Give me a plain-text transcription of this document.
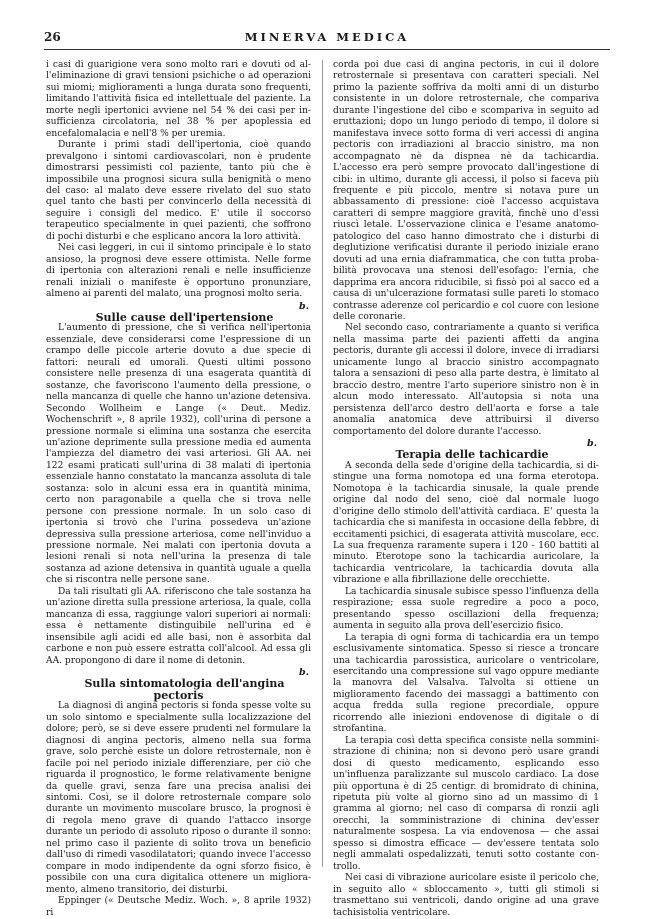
26	MINERVA MEDICA

i casi di guarigione vera sono molto rari e dovuti od all'eliminazione di gravi tensioni psichiche o ad operazioni sui miomi; miglioramenti a lunga durata sono frequenti, limitando l'attività fisica ed intellettuale del paziente. La morte negli ipertonici avviene nel 54 % dei casi per insufficienza circolatoria, nel 38 % per apoplessia ed encefalomalacia e nell'8 % per uremia.

Durante i primi stadi dell'ipertonia, cioè quando prevalgono i sintomi cardiovascolari, non è prudente dimostrarsi pessimisti col paziente, tanto più che è impossibile una prognosi sicura sulla benignità o meno del caso: al malato deve essere rivelato del suo stato quel tanto che basti per convincerlo della necessità di seguire i consigli del medico. E' utile il soccorso terapeutico specialmente in quei pazienti, che soffrono di pochi disturbi e che esplicano ancora la loro attività.

Nei casi leggeri, in cui il sintomo principale è lo stato ansioso, la prognosi deve essere ottimista. Nelle forme di ipertonia con alterazioni renali e nelle insufficienze renali iniziali o manifeste è opportuno pronunziare, almeno ai parenti del malato, una prognosi molto seria.

b.

Sulle cause dell'ipertensione

L'aumento di pressione, che si verifica nell'ipertonia essenziale, deve considerarsi come l'espressione di un crampo delle piccole arterie dovuto a due specie di fattori: neurali ed umorali. Questi ultimi possono consistere nelle presenza di una esagerata quantità di sostanze, che favoriscono l'aumento della pressione, o nella mancanza di quelle che hanno un'azione detensiva. Secondo Wollheim e Lange (« Deut. Mediz. Wochenschrift », 8 aprile 1932), coll'urina di persone a pressione normale si elimina una sostanza che esercita un'azione deprimente sulla pressione media ed aumenta l'ampiezza del diametro dei vasi arteriosi. Gli AA. nei 122 esami praticati sull'urina di 38 malati di ipertonia essenziale hanno constatato la mancanza assoluta di tale sostanza: solo in alcuni essa era in quantità minima, certo non paragonabile a quella che si trova nelle persone con pressione normale. In un solo caso di ipertonia si trovò che l'urina possedeva un'azione depressiva sulla pressione arteriosa, come nell'inviduo a pressione normale. Nei malati con ipertonia dovuta a lesioni renali si nota nell'urina la presenza di tale sostanza ad azione detensiva in quantità uguale a quella che si riscontra nelle persone sane.

Da tali risultati gli AA. riferiscono che tale sostanza ha un'azione diretta sulla pressione arteriosa, la quale, colla mancanza di essa, raggiunge valori superiori ai normali: essa è nettamente distinguibile nell'urina ed è insensibile agli acidi ed alle basi, non è assorbita dal carbone e non può essere estratta coll'alcool. Ad essa gli AA. propongono di dare il nome di detonin.

b.

Sulla sintomatologia dell'angina pectoris

La diagnosi di angina pectoris si fonda spesse volte su un solo sintomo e specialmente sulla localizzazione del dolore; però, se si deve essere prudenti nel formulare la diagnosi di angina pectoris, almeno nella sua forma grave, solo perchè esiste un dolore retrosternale, non è facile poi nel periodo iniziale differenziare, per ciò che riguarda il prognostico, le forme relativamente benigne da quelle gravi, senza fare una precisa analisi dei sintomi. Così, se il dolore retrosternale compare solo durante un movimento muscolare brusco, la prognosi è di regola meno grave di quando l'attacco insorge durante un periodo di assoluto riposo o durante il sonno: nel primo caso il paziente di solito trova un beneficio dall'uso di rimedi vasodilatatori; quando invece l'accesso compare in modo indipendente da ogni sforzo fisico, è possibile con una cura digitalica ottenere un miglioramento, almeno transitorio, dei disturbi.

Eppinger (« Deutsche Mediz. Woch. », 8 aprile 1932) ri

corda poi due casi di angina pectoris, in cui il dolore retrosternale si presentava con caratteri speciali. Nel primo la paziente soffriva da molti anni di un disturbo consistente in un dolore retrosternale, che compariva durante l'ingestione del cibo e scompariva in seguito ad eruttazioni; dopo un lungo periodo di tempo, il dolore si manifestava invece sotto forma di veri accessi di angina pectoris con irradiazioni al braccio sinistro, ma non accompagnato nè da dispnea nè da tachicardia. L'accesso era però sempre provocato dall'ingestione di cibi: in ultimo, durante gli accessi, il polso si faceva più frequente e più piccolo, mentre si notava pure un abbassamento di pressione: cioè l'accesso acquistava caratteri di sempre maggiore gravità, finchè uno d'essi riuscì letale. L'osservazione clinica e l'esame anatomo-patologico del caso hanno dimostrato che i disturbi di deglutizione verificatisi durante il periodo iniziale erano dovuti ad una ernia diaframmatica, che con tutta probabilità provocava una stenosi dell'esofago: l'ernia, che dapprima era ancora riducibile, si fissò poi al sacco ed a causa di un'ulcerazione formatasi sulle pareti lo stomaco contrasse aderenze col pericardio e col cuore con lesione delle coronarie.

Nel secondo caso, contrariamente a quanto si verifica nella massima parte dei pazienti affetti da angina pectoris, durante gli accessi il dolore, invece di irradiarsi unicamente lungo al braccio sinistro accompagnato talora a sensazioni di peso alla parte destra, è limitato al braccio destro, mentre l'arto superiore sinistro non è in alcun modo interessato. All'autopsia si nota una persistenza dell'arco destro dell'aorta e forse a tale anomalia anatomica deve attribuirsi il diverso comportamento del dolore durante l'accesso.

b.

Terapia delle tachicardie

A seconda della sede d'origine della tachicardia, si distingue una forma nomotopa ed una forma eterotopa. Nomotopa è la tachicardia sinusale, la quale prende origine dal nodo del seno, cioè dal normale luogo d'origine dello stimolo dell'attività cardiaca. E' questa la tachicardia che si manifesta in occasione della febbre, di eccitamenti psichici, di esagerata attività muscolare, ecc. La sua frequenza raramente supera i 120 - 160 battiti al minuto. Eterotope sono la tachicardia auricolare, la tachicardia ventricolare, la tachicardia dovuta alla vibrazione e alla fibrillazione delle orecchiette.

La tachicardia sinusale subisce spesso l'influenza della respirazione; essa suole regredire a poco a poco, presentando spesso oscillazioni della frequenza; aumenta in seguito alla prova dell'esercizio fisico.

La terapia di ogni forma di tachicardia era un tempo esclusivamente sintomatica. Spesso si riesce a troncare una tachicardia parossistica, auricolare o ventricolare, esercitando una compressione sul vago oppure mediante la manovra del Valsalva. Talvolta si ottiene un miglioramento facendo dei massaggi a battimento con acqua fredda sulla regione precordiale, oppure ricorrendo alle iniezioni endovenose di digitale o di strofantina.

La terapia così detta specifica consiste nella somministrazione di chinina; non si devono però usare grandi dosi di questo medicamento, esplicando esso un'influenza paralizzante sul muscolo cardiaco. La dose più opportuna è di 25 centigr. di bromidrato di chinina, ripetuta più volte al giorno sino ad un massimo di 1 gramma al giorno; nel caso di comparsa di ronzii agli orecchi, la somministrazione di chinina dev'esser naturalmente sospesa. La via endovenosa — che assai spesso si dimostra efficace — dev'essere tentata solo negli ammalati ospedalizzati, tenuti sotto costante controllo.

Nei casi di vibrazione auricolare esiste il pericolo che, in seguito allo « sbloccamento », tutti gli stimoli si trasmettano sui ventricoli, dando origine ad una grave tachisistolia ventricolare.
